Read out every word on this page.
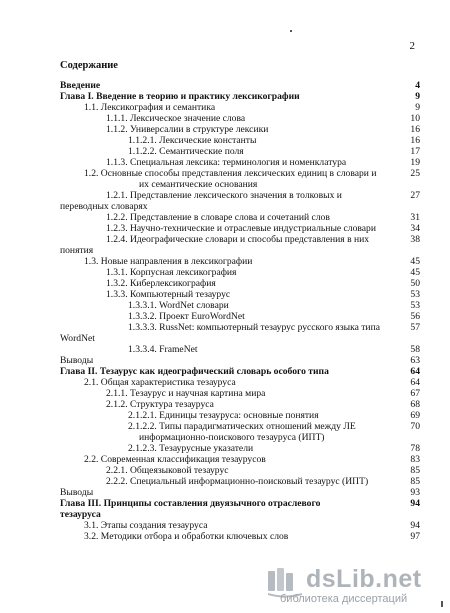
2
Содержание
Введение	4
Глава I. Введение в теорию и практику лексикографии	9
1.1. Лексикография и семантика	9
1.1.1. Лексическое значение слова	10
1.1.2. Универсалии в структуре лексики	16
1.1.2.1. Лексические константы	16
1.1.2.2. Семантические поля	17
1.1.3. Специальная лексика: терминология и номенклатура	19
1.2. Основные способы представления лексических единиц в словари и	25
их семантические основания
1.2.1. Представление лексического значения в толковых и	27
переводных словарях
1.2.2. Представление в словаре слова и сочетаний слов	31
1.2.3. Научно-технические и отраслевые индустриальные словари	34
1.2.4. Идеографические словари и способы представления в них	38
понятия
1.3. Новые направления в лексикографии	45
1.3.1. Корпусная лексикография	45
1.3.2. Киберлексикография	50
1.3.3. Компьютерный тезаурус	53
1.3.3.1. WordNet словари	53
1.3.3.2. Проект EuroWordNet	56
1.3.3.3. RussNet: компьютерный тезаурус русского языка типа	57
WordNet
1.3.3.4. FrameNet	58
Выводы	63
Глава II. Тезаурус как идеографический словарь особого типа	64
2.1. Общая характеристика тезауруса	64
2.1.1. Тезаурус и научная картина мира	67
2.1.2. Структура тезауруса	68
2.1.2.1. Единицы тезауруса: основные понятия	69
2.1.2.2. Типы парадигматических отношений между ЛЕ	70
информационно-поискового тезауруса (ИПТ)
2.1.2.3. Тезаурусные указатели	78
2.2. Современная классификация тезаурусов	83
2.2.1. Общеязыковой тезаурус	85
2.2.2. Специальный информационно-поисковый тезаурус (ИПТ)	85
Выводы	93
Глава III. Принципы составления двуязычного отраслевого	94
тезауруса
3.1. Этапы создания тезауруса	94
3.2. Методики отбора и обработки ключевых слов	97
dsLib.net
библиотека диссертаций
